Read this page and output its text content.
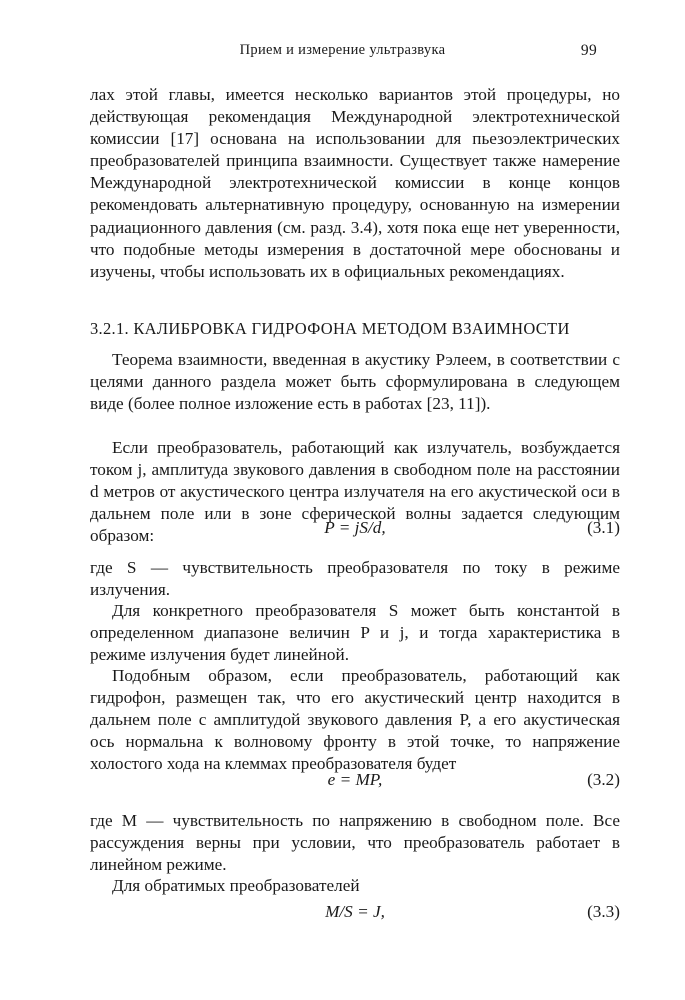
Прием и измерение ультразвука	99

лах этой главы, имеется несколько вариантов этой процедуры, но действующая рекомендация Международной электротехнической комиссии [17] основана на использовании для пьезоэлектрических преобразователей принципа взаимности. Существует также намерение Международной электротехнической комиссии в конце концов рекомендовать альтернативную процедуру, основанную на измерении радиационного давления (см. разд. 3.4), хотя пока еще нет уверенности, что подобные методы измерения в достаточной мере обоснованы и изучены, чтобы использовать их в официальных рекомендациях.

3.2.1. КАЛИБРОВКА ГИДРОФОНА МЕТОДОМ ВЗАИМНОСТИ

Теорема взаимности, введенная в акустику Рэлеем, в соответствии с целями данного раздела может быть сформулирована в следующем виде (более полное изложение есть в работах [23, 11]).

Если преобразователь, работающий как излучатель, возбуждается током j, амплитуда звукового давления в свободном поле на расстоянии d метров от акустического центра излучателя на его акустической оси в дальнем поле или в зоне сферической волны задается следующим образом:	P = jS/d,	(3.1)

где S — чувствительность преобразователя по току в режиме излучения.

Для конкретного преобразователя S может быть константой в определенном диапазоне величин P и j, и тогда характеристика в режиме излучения будет линейной.

Подобным образом, если преобразователь, работающий как гидрофон, размещен так, что его акустический центр находится в дальнем поле с амплитудой звукового давления P, а его акустическая ось нормальна к волновому фронту в этой точке, то напряжение холостого хода на клеммах преобразователя будет

e = MP,	(3.2)

где M — чувствительность по напряжению в свободном поле. Все рассуждения верны при условии, что преобразователь работает в линейном режиме.

Для обратимых преобразователей

M/S = J,	(3.3)
